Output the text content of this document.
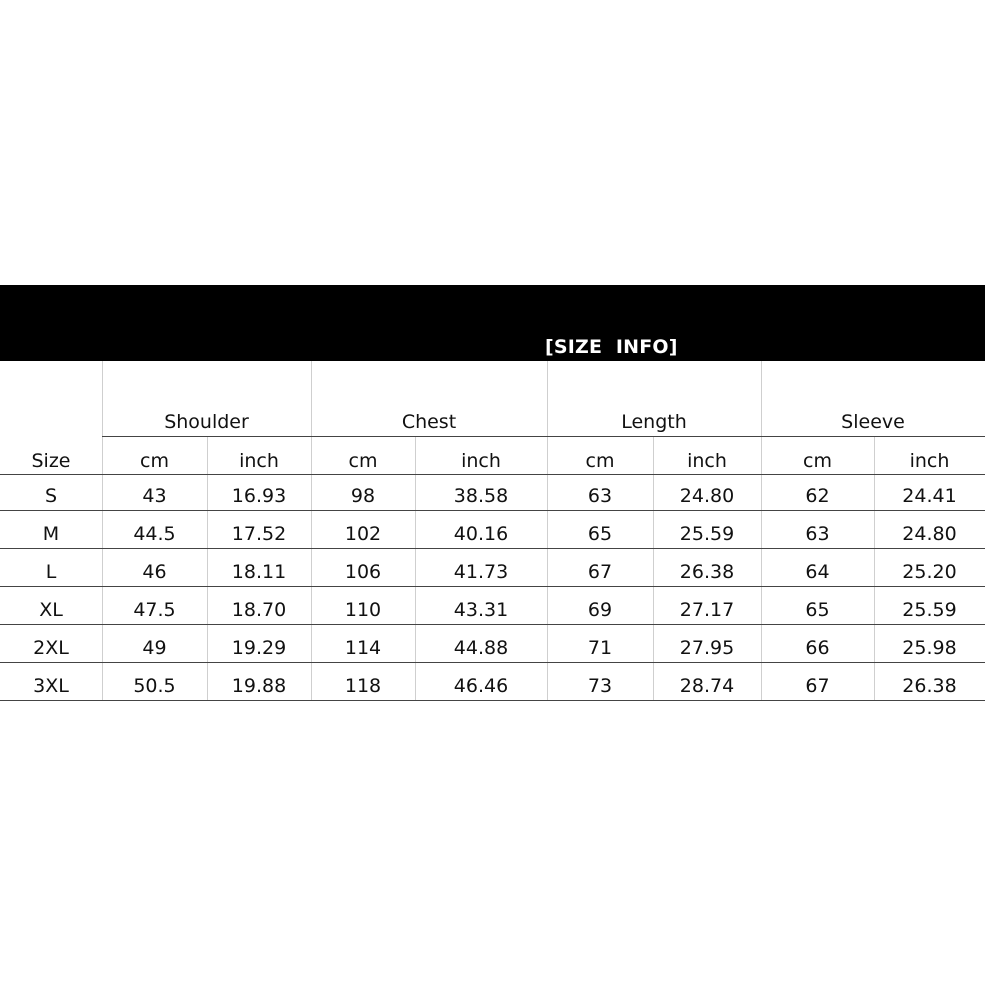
[SIZE  INFO]
Shoulder	Chest	Length	Sleeve
Size	cm	inch	cm	inch	cm	inch	cm	inch
S	43	16.93	98	38.58	63	24.80	62	24.41
M	44.5	17.52	102	40.16	65	25.59	63	24.80
L	46	18.11	106	41.73	67	26.38	64	25.20
XL	47.5	18.70	110	43.31	69	27.17	65	25.59
2XL	49	19.29	114	44.88	71	27.95	66	25.98
3XL	50.5	19.88	118	46.46	73	28.74	67	26.38
